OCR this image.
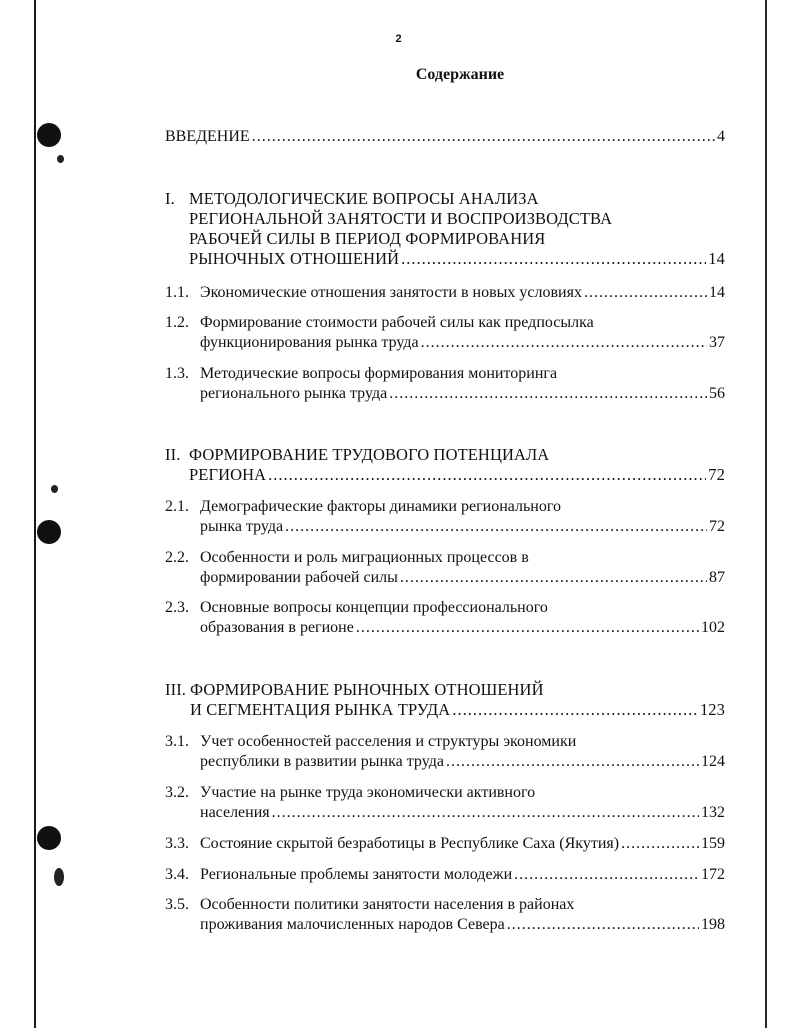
2
Содержание
ВВЕДЕНИЕ .....	4
I. МЕТОДОЛОГИЧЕСКИЕ ВОПРОСЫ АНАЛИЗА
РЕГИОНАЛЬНОЙ ЗАНЯТОСТИ И ВОСПРОИЗВОДСТВА
РАБОЧЕЙ СИЛЫ В ПЕРИОД ФОРМИРОВАНИЯ
РЫНОЧНЫХ ОТНОШЕНИЙ .....	14
1.1. Экономические отношения занятости в новых условиях .....	14
1.2. Формирование стоимости рабочей силы как предпосылка
функционирования рынка труда .....	37
1.3. Методические вопросы формирования мониторинга
регионального рынка труда .....	56
II. ФОРМИРОВАНИЕ ТРУДОВОГО ПОТЕНЦИАЛА
РЕГИОНА .....	72
2.1. Демографические факторы динамики регионального
рынка труда .....	72
2.2. Особенности и роль миграционных процессов в
формировании рабочей силы .....	87
2.3. Основные вопросы концепции профессионального
образования в регионе .....	102
III. ФОРМИРОВАНИЕ РЫНОЧНЫХ ОТНОШЕНИЙ
И СЕГМЕНТАЦИЯ РЫНКА ТРУДА .....	123
3.1. Учет особенностей расселения и структуры экономики
республики в развитии рынка труда .....	124
3.2. Участие на рынке труда экономически активного
населения .....	132
3.3. Состояние скрытой безработицы в Республике Саха (Якутия) .....	159
3.4. Региональные проблемы занятости молодежи .....	172
3.5. Особенности политики занятости населения в районах
проживания малочисленных народов Севера .....	198
